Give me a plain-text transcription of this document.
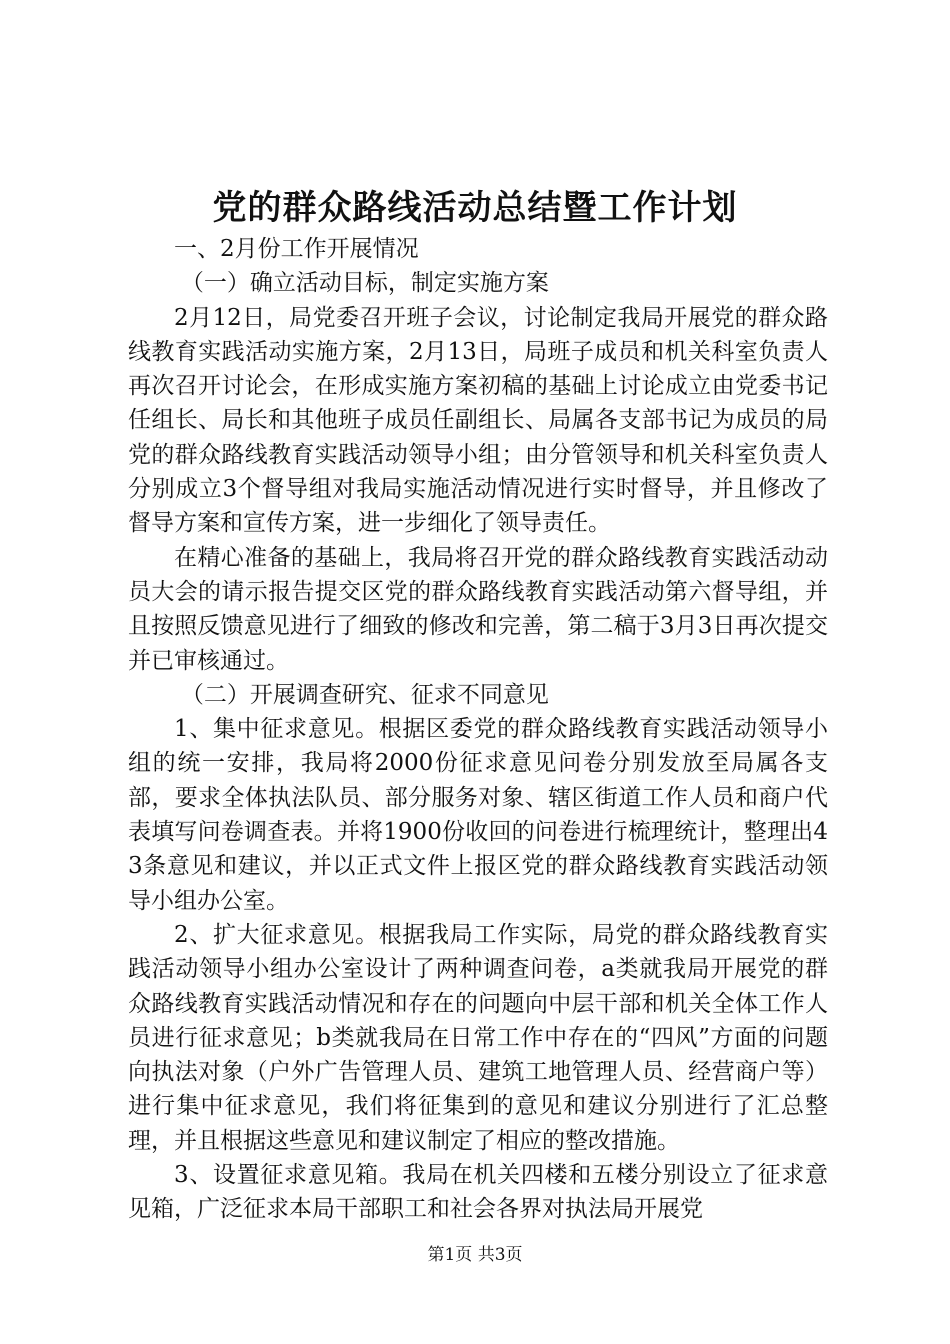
党的群众路线活动总结暨工作计划

一、2月份工作开展情况

（一）确立活动目标，制定实施方案

2月12日，局党委召开班子会议，讨论制定我局开展党的群众路线教育实践活动实施方案，2月13日，局班子成员和机关科室负责人再次召开讨论会，在形成实施方案初稿的基础上讨论成立由党委书记任组长、局长和其他班子成员任副组长、局属各支部书记为成员的局党的群众路线教育实践活动领导小组；由分管领导和机关科室负责人分别成立3个督导组对我局实施活动情况进行实时督导，并且修改了督导方案和宣传方案，进一步细化了领导责任。

在精心准备的基础上，我局将召开党的群众路线教育实践活动动员大会的请示报告提交区党的群众路线教育实践活动第六督导组，并且按照反馈意见进行了细致的修改和完善，第二稿于3月3日再次提交并已审核通过。

（二）开展调查研究、征求不同意见

1、集中征求意见。根据区委党的群众路线教育实践活动领导小组的统一安排，我局将2000份征求意见问卷分别发放至局属各支部，要求全体执法队员、部分服务对象、辖区街道工作人员和商户代表填写问卷调查表。并将1900份收回的问卷进行梳理统计，整理出43条意见和建议，并以正式文件上报区党的群众路线教育实践活动领导小组办公室。

2、扩大征求意见。根据我局工作实际，局党的群众路线教育实践活动领导小组办公室设计了两种调查问卷，a类就我局开展党的群众路线教育实践活动情况和存在的问题向中层干部和机关全体工作人员进行征求意见；b类就我局在日常工作中存在的“四风”方面的问题向执法对象（户外广告管理人员、建筑工地管理人员、经营商户等）进行集中征求意见，我们将征集到的意见和建议分别进行了汇总整理，并且根据这些意见和建议制定了相应的整改措施。

3、设置征求意见箱。我局在机关四楼和五楼分别设立了征求意见箱，广泛征求本局干部职工和社会各界对执法局开展党

第1页 共3页
